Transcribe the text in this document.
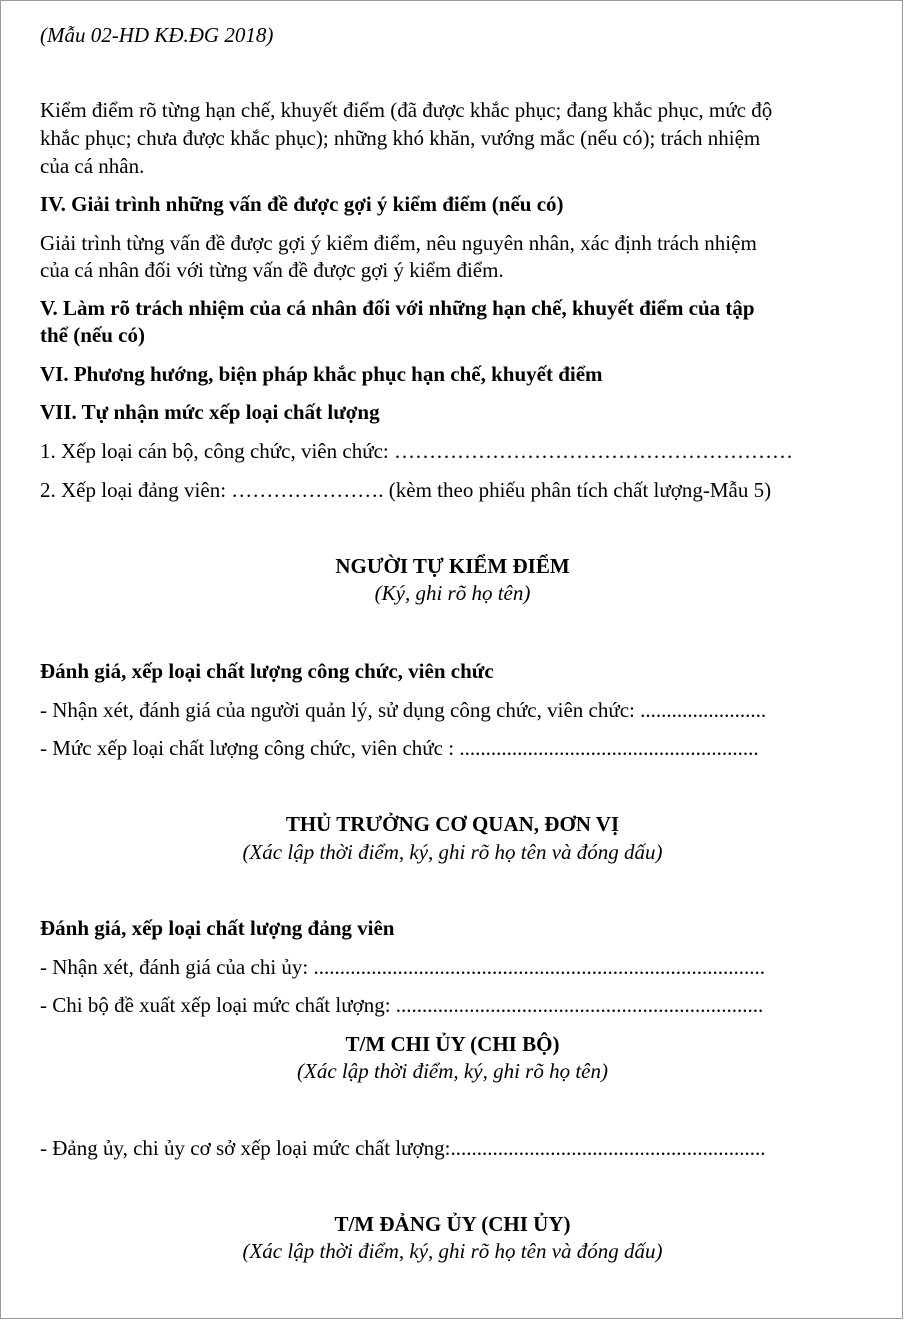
(Mẫu 02-HD KĐ.ĐG 2018)
Kiểm điểm rõ từng hạn chế, khuyết điểm (đã được khắc phục; đang khắc phục, mức độ
khắc phục; chưa được khắc phục); những khó khăn, vướng mắc (nếu có); trách nhiệm
của cá nhân.
IV. Giải trình những vấn đề được gợi ý kiểm điểm (nếu có)
Giải trình từng vấn đề được gợi ý kiểm điểm, nêu nguyên nhân, xác định trách nhiệm
của cá nhân đối với từng vấn đề được gợi ý kiểm điểm.
V. Làm rõ trách nhiệm của cá nhân đối với những hạn chế, khuyết điểm của tập
thể (nếu có)
VI. Phương hướng, biện pháp khắc phục hạn chế, khuyết điểm
VII. Tự nhận mức xếp loại chất lượng
1. Xếp loại cán bộ, công chức, viên chức: …………………………………………………
2. Xếp loại đảng viên: …………………. (kèm theo phiếu phân tích chất lượng-Mẫu 5)
NGƯỜI TỰ KIỂM ĐIỂM
(Ký, ghi rõ họ tên)
Đánh giá, xếp loại chất lượng công chức, viên chức
- Nhận xét, đánh giá của người quản lý, sử dụng công chức, viên chức: ........................
- Mức xếp loại chất lượng công chức, viên chức : .........................................................
THỦ TRƯỞNG CƠ QUAN, ĐƠN VỊ
(Xác lập thời điểm, ký, ghi rõ họ tên và đóng dấu)
Đánh giá, xếp loại chất lượng đảng viên
- Nhận xét, đánh giá của chi ủy: ......................................................................................
- Chi bộ đề xuất xếp loại mức chất lượng: ......................................................................
T/M CHI ỦY (CHI BỘ)
(Xác lập thời điểm, ký, ghi rõ họ tên)
- Đảng ủy, chi ủy cơ sở xếp loại mức chất lượng:............................................................
T/M ĐẢNG ỦY (CHI ỦY)
(Xác lập thời điểm, ký, ghi rõ họ tên và đóng dấu)
